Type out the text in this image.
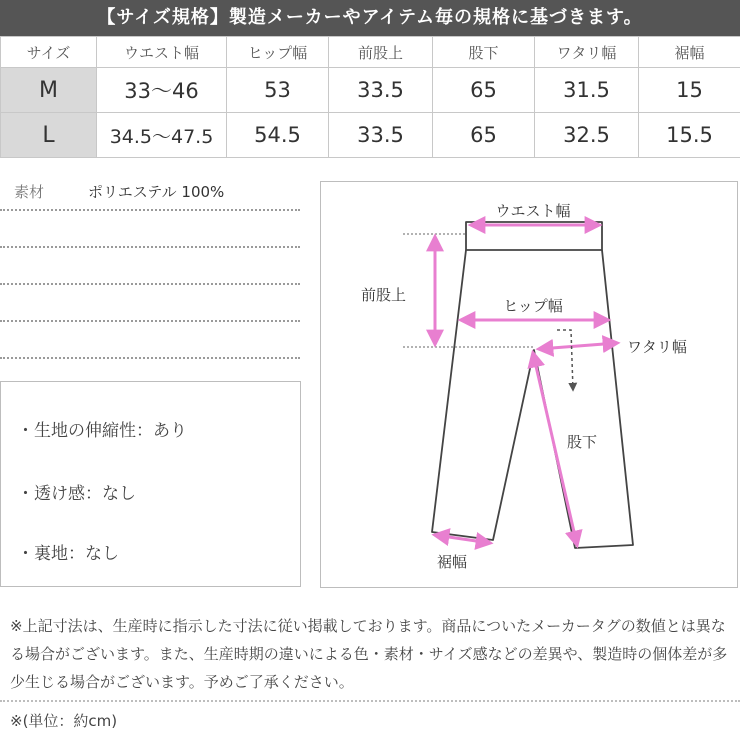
【サイズ規格】製造メーカーやアイテム毎の規格に基づきます。
サイズ	ウエスト幅	ヒップ幅	前股上	股下	ワタリ幅	裾幅
M	33〜46	53	33.5	65	31.5	15
L	34.5〜47.5	54.5	33.5	65	32.5	15.5
素材	ポリエステル 100%
・生地の伸縮性：あり
・透け感：なし
・裏地：なし
ウエスト幅
前股上
ヒップ幅
ワタリ幅
股下
裾幅
※上記寸法は、生産時に指示した寸法に従い掲載しております。商品についたメーカータグの数値とは異なる場合がございます。また、生産時期の違いによる色・素材・サイズ感などの差異や、製造時の個体差が多少生じる場合がございます。予めご了承ください。
※(単位：約cm)
